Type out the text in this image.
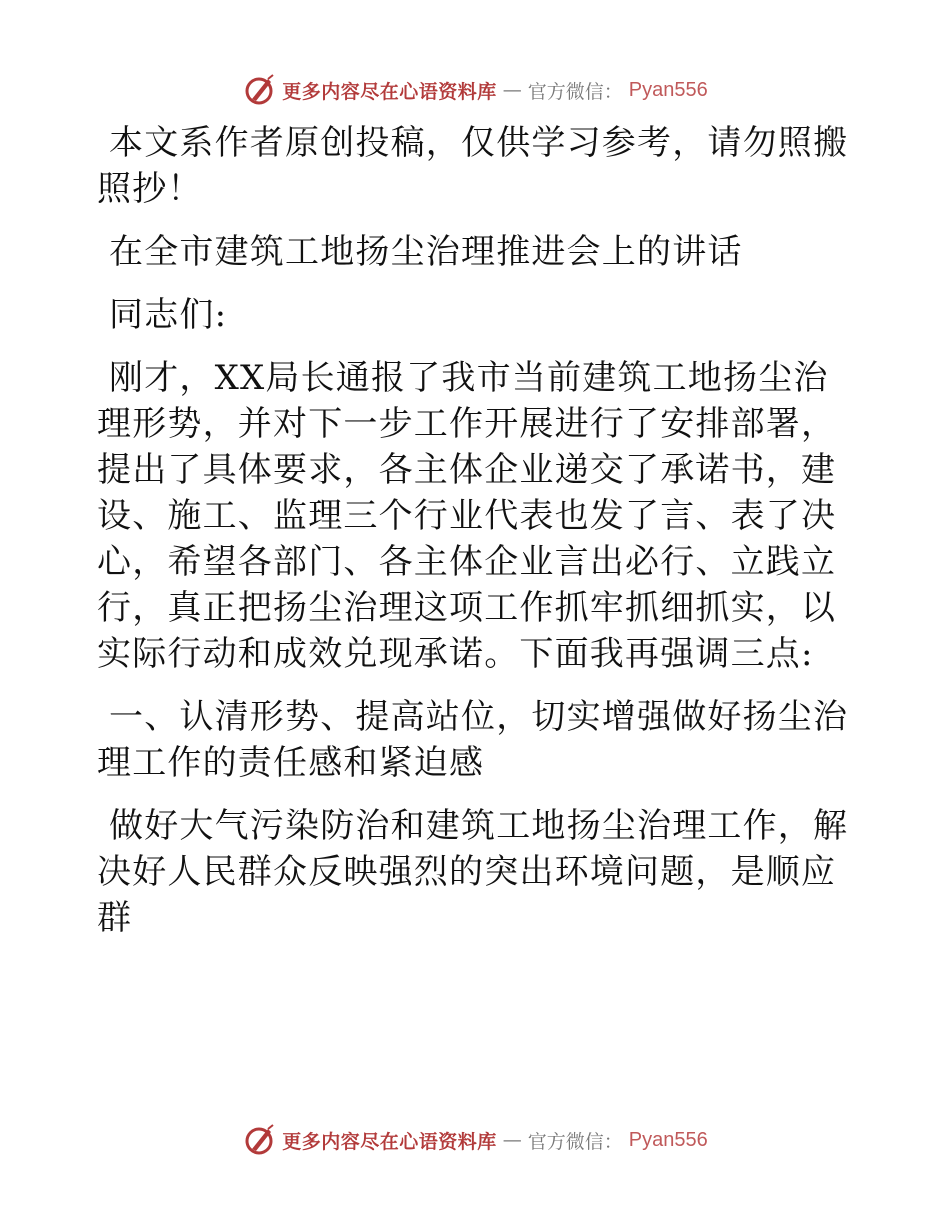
更多内容尽在心语资料库 — 官方微信： Pyan556

本文系作者原创投稿，仅供学习参考，请勿照搬照抄！

在全市建筑工地扬尘治理推进会上的讲话

同志们:

刚才，XX局长通报了我市当前建筑工地扬尘治理形势，并对下一步工作开展进行了安排部署，提出了具体要求，各主体企业递交了承诺书，建设、施工、监理三个行业代表也发了言、表了决心，希望各部门、各主体企业言出必行、立践立行，真正把扬尘治理这项工作抓牢抓细抓实，以实际行动和成效兑现承诺。下面我再强调三点:

一、认清形势、提高站位，切实增强做好扬尘治理工作的责任感和紧迫感

做好大气污染防治和建筑工地扬尘治理工作，解决好人民群众反映强烈的突出环境问题，是顺应群

更多内容尽在心语资料库 — 官方微信： Pyan556
